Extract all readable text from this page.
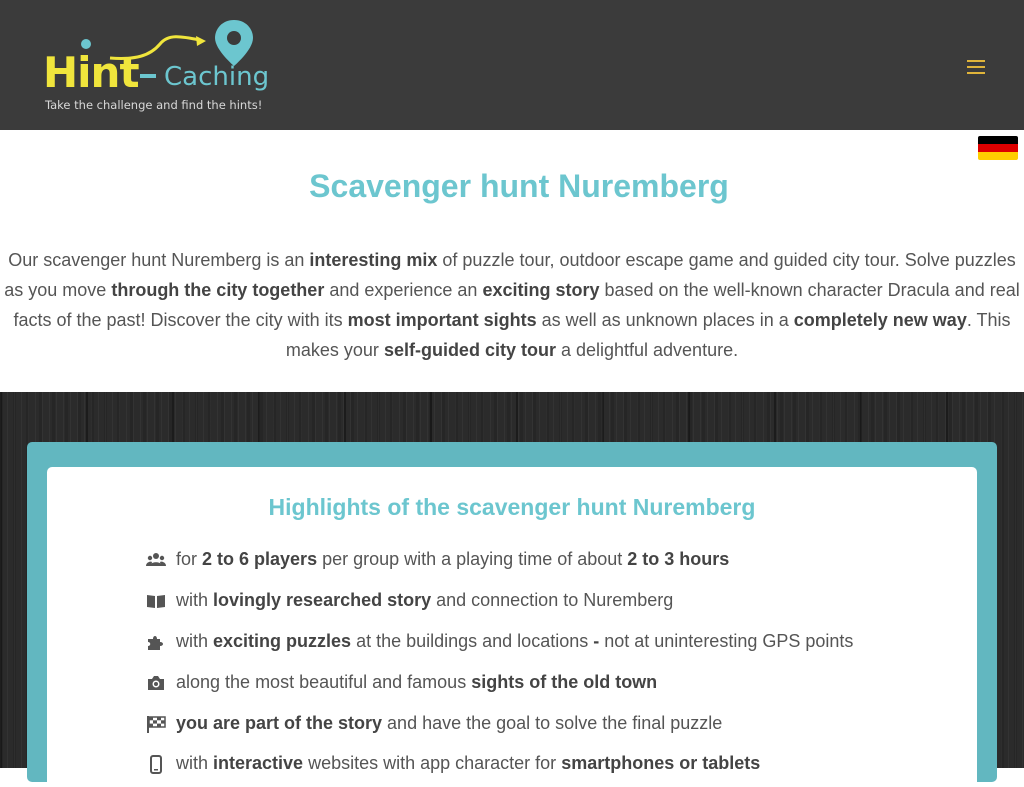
Hint Caching
Take the challenge and find the hints!
Scavenger hunt Nuremberg

Our scavenger hunt Nuremberg is an interesting mix of puzzle tour, outdoor escape game and guided city tour. Solve puzzles as you move through the city together and experience an exciting story based on the well-known character Dracula and real facts of the past! Discover the city with its most important sights as well as unknown places in a completely new way. This makes your self-guided city tour a delightful adventure.

Highlights of the scavenger hunt Nuremberg
for 2 to 6 players per group with a playing time of about 2 to 3 hours
with lovingly researched story and connection to Nuremberg
with exciting puzzles at the buildings and locations - not at uninteresting GPS points
along the most beautiful and famous sights of the old town
you are part of the story and have the goal to solve the final puzzle
with interactive websites with app character for smartphones or tablets
